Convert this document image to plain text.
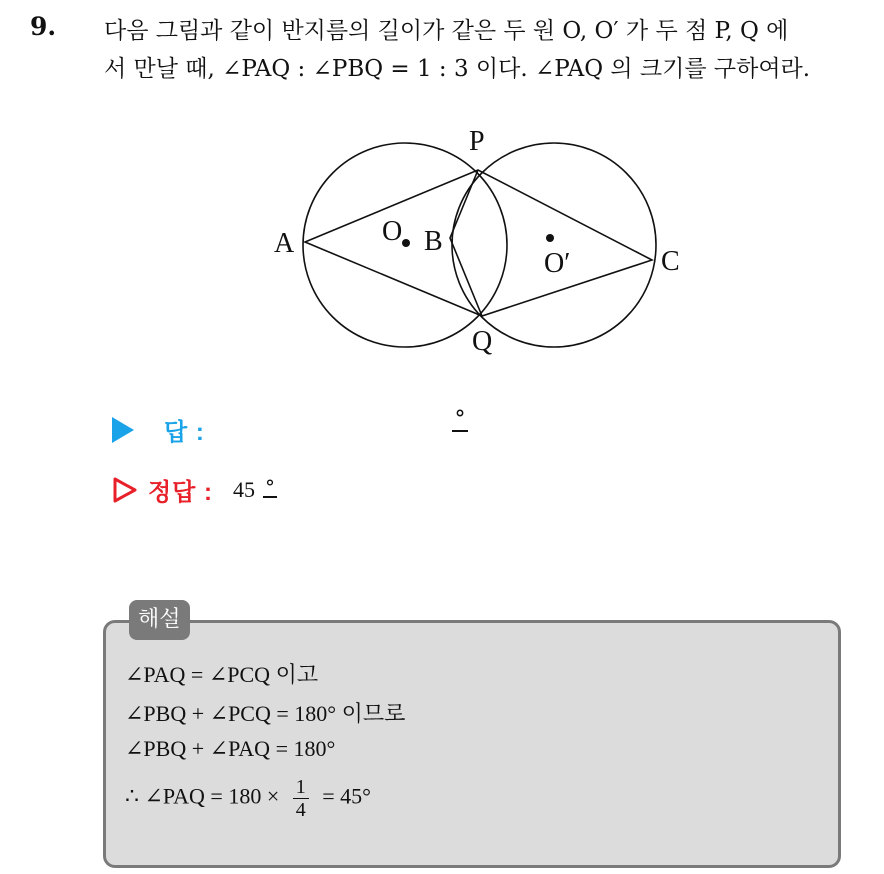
9. 다음 그림과 같이 반지름의 길이가 같은 두 원 O, O′ 가 두 점 P, Q 에
서 만날 때, ∠PAQ : ∠PBQ = 1 : 3 이다. ∠PAQ 의 크기를 구하여라.
P
Q
A	B
C
O
O′
답 :	°
정답 : 45 °
해설
∠PAQ = ∠PCQ 이고
∠PBQ + ∠PCQ = 180° 이므로
∠PBQ + ∠PAQ = 180°
∴ ∠PAQ = $180 \times \frac{1}{4} = 45^\circ$
